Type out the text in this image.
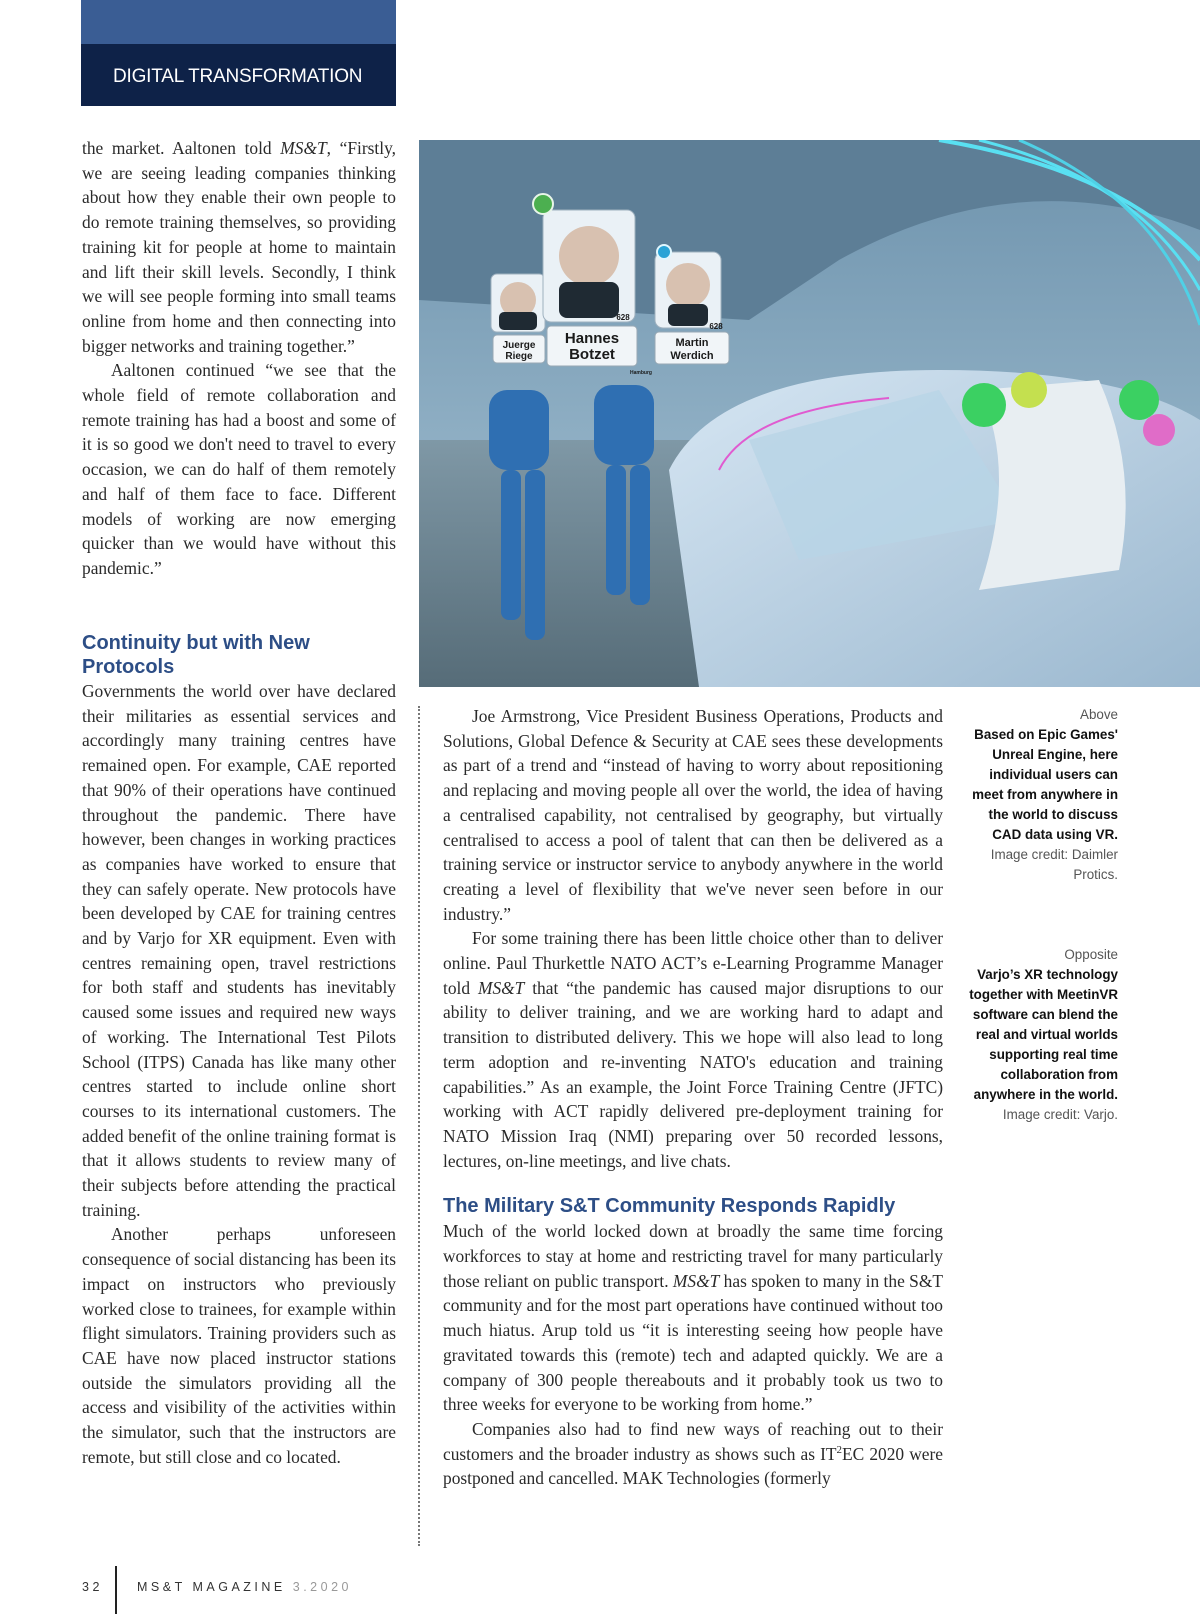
DIGITAL TRANSFORMATION

the market. Aaltonen told MS&T, “Firstly, we are seeing leading companies thinking about how they enable their own people to do remote training themselves, so providing training kit for people at home to maintain and lift their skill levels. Secondly, I think we will see people forming into small teams online from home and then connecting into bigger networks and training together.”

Aaltonen continued “we see that the whole field of remote collaboration and remote training has had a boost and some of it is so good we don't need to travel to every occasion, we can do half of them remotely and half of them face to face. Different models of working are now emerging quicker than we would have without this pandemic.”

Continuity but with New Protocols

Governments the world over have declared their militaries as essential services and accordingly many training centres have remained open. For example, CAE reported that 90% of their operations have continued throughout the pandemic. There have however, been changes in working practices as companies have worked to ensure that they can safely operate. New protocols have been developed by CAE for training centres and by Varjo for XR equipment. Even with centres remaining open, travel restrictions for both staff and students has inevitably caused some issues and required new ways of working. The International Test Pilots School (ITPS) Canada has like many other centres started to include online short courses to its international customers. The added benefit of the online training format is that it allows students to review many of their subjects before attending the practical training.

Another perhaps unforeseen consequence of social distancing has been its impact on instructors who previously worked close to trainees, for example within flight simulators. Training providers such as CAE have now placed instructor stations outside the simulators providing all the access and visibility of the activities within the simulator, such that the instructors are remote, but still close and co located.

Juerge
Riege
Hannes
Botzet
Martin
Werdich
628
628
Hamburg

Joe Armstrong, Vice President Business Operations, Products and Solutions, Global Defence & Security at CAE sees these developments as part of a trend and “instead of having to worry about repositioning and replacing and moving people all over the world, the idea of having a centralised capability, not centralised by geography, but virtually centralised to access a pool of talent that can then be delivered as a training service or instructor service to anybody anywhere in the world creating a level of flexibility that we've never seen before in our industry.”

For some training there has been little choice other than to deliver online. Paul Thurkettle NATO ACT’s e-Learning Programme Manager told MS&T that “the pandemic has caused major disruptions to our ability to deliver training, and we are working hard to adapt and transition to distributed delivery. This we hope will also lead to long term adoption and re-inventing NATO's education and training capabilities.” As an example, the Joint Force Training Centre (JFTC) working with ACT rapidly delivered pre-deployment training for NATO Mission Iraq (NMI) preparing over 50 recorded lessons, lectures, on-line meetings, and live chats.

The Military S&T Community Responds Rapidly

Much of the world locked down at broadly the same time forcing workforces to stay at home and restricting travel for many particularly those reliant on public transport. MS&T has spoken to many in the S&T community and for the most part operations have continued without too much hiatus. Arup told us “it is interesting seeing how people have gravitated towards this (remote) tech and adapted quickly. We are a company of 300 people thereabouts and it probably took us two to three weeks for everyone to be working from home.”

Companies also had to find new ways of reaching out to their customers and the broader industry as shows such as $IT^2EC$ 2020 were postponed and cancelled. MAK Technologies (formerly

Above
Based on Epic Games' Unreal Engine, here individual users can meet from anywhere in the world to discuss CAD data using VR.
Image credit: Daimler Protics.
Opposite
Varjo’s XR technology together with MeetinVR software can blend the real and virtual worlds supporting real time collaboration from anywhere in the world.
Image credit: Varjo.
32	MS&T MAGAZINE 3.2020
